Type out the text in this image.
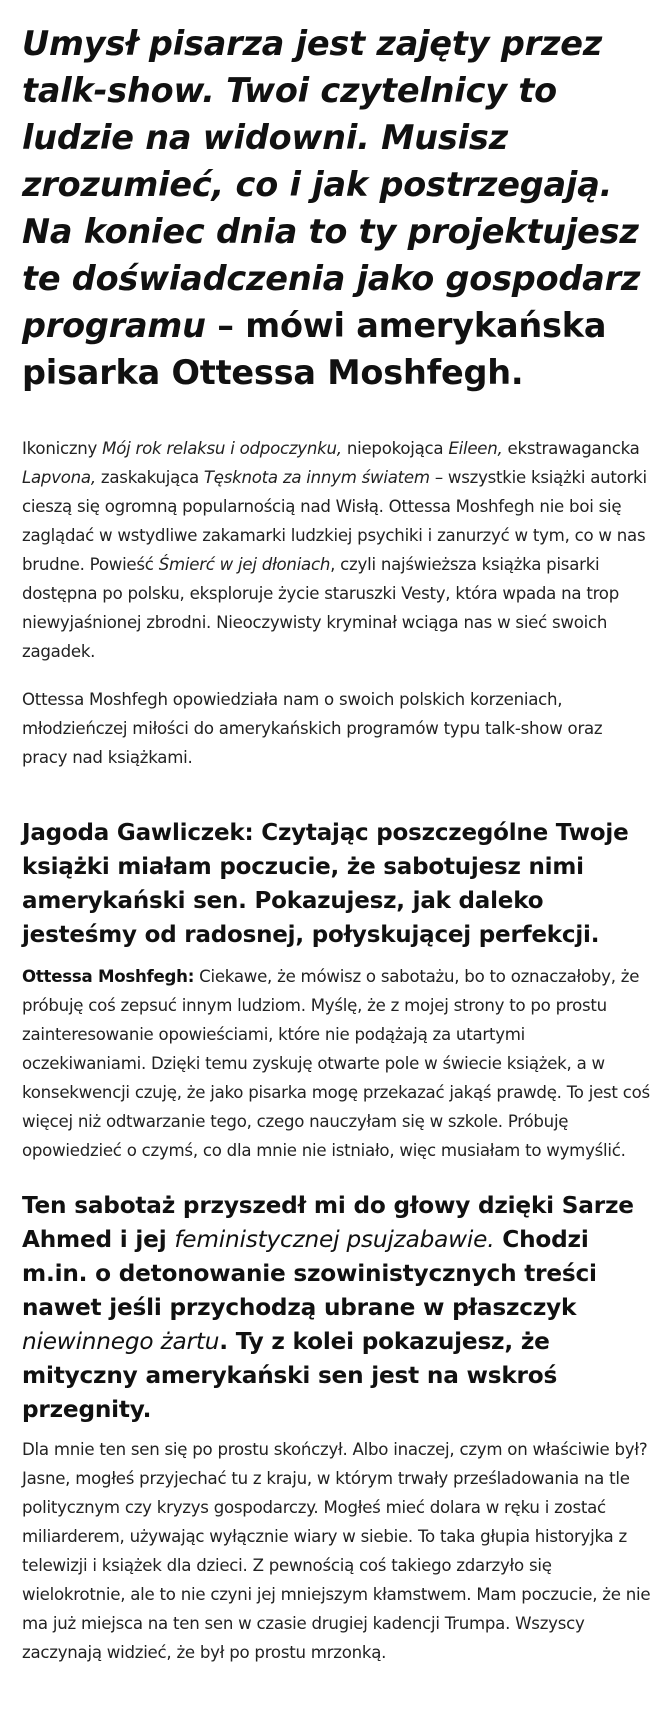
Umysł pisarza jest zajęty przez talk-show. Twoi czytelnicy to ludzie na widowni. Musisz zrozumieć, co i jak postrzegają. Na koniec dnia to ty projektujesz te doświadczenia jako gospodarz programu – mówi amerykańska pisarka Ottessa Moshfegh.

Ikoniczny Mój rok relaksu i odpoczynku, niepokojąca Eileen, ekstrawagancka Lapvona, zaskakująca Tęsknota za innym światem – wszystkie książki autorki cieszą się ogromną popularnością nad Wisłą. Ottessa Moshfegh nie boi się zaglądać w wstydliwe zakamarki ludzkiej psychiki i zanurzyć w tym, co w nas brudne. Powieść Śmierć w jej dłoniach, czyli najświeższa książka pisarki dostępna po polsku, eksploruje życie staruszki Vesty, która wpada na trop niewyjaśnionej zbrodni. Nieoczywisty kryminał wciąga nas w sieć swoich zagadek.

Ottessa Moshfegh opowiedziała nam o swoich polskich korzeniach, młodzieńczej miłości do amerykańskich programów typu talk-show oraz pracy nad książkami.

Jagoda Gawliczek: Czytając poszczególne Twoje książki miałam poczucie, że sabotujesz nimi amerykański sen. Pokazujesz, jak daleko jesteśmy od radosnej, połyskującej perfekcji.

Ottessa Moshfegh: Ciekawe, że mówisz o sabotażu, bo to oznaczałoby, że próbuję coś zepsuć innym ludziom. Myślę, że z mojej strony to po prostu zainteresowanie opowieściami, które nie podążają za utartymi oczekiwaniami. Dzięki temu zyskuję otwarte pole w świecie książek, a w konsekwencji czuję, że jako pisarka mogę przekazać jakąś prawdę. To jest coś więcej niż odtwarzanie tego, czego nauczyłam się w szkole. Próbuję opowiedzieć o czymś, co dla mnie nie istniało, więc musiałam to wymyślić.

Ten sabotaż przyszedł mi do głowy dzięki Sarze Ahmed i jej feministycznej psujzabawie. Chodzi m.in. o detonowanie szowinistycznych treści nawet jeśli przychodzą ubrane w płaszczyk niewinnego żartu. Ty z kolei pokazujesz, że mityczny amerykański sen jest na wskroś przegnity.

Dla mnie ten sen się po prostu skończył. Albo inaczej, czym on właściwie był? Jasne, mogłeś przyjechać tu z kraju, w którym trwały prześladowania na tle politycznym czy kryzys gospodarczy. Mogłeś mieć dolara w ręku i zostać miliarderem, używając wyłącznie wiary w siebie. To taka głupia historyjka z telewizji i książek dla dzieci. Z pewnością coś takiego zdarzyło się wielokrotnie, ale to nie czyni jej mniejszym kłamstwem. Mam poczucie, że nie ma już miejsca na ten sen w czasie drugiej kadencji Trumpa. Wszyscy zaczynają widzieć, że był po prostu mrzonką.
